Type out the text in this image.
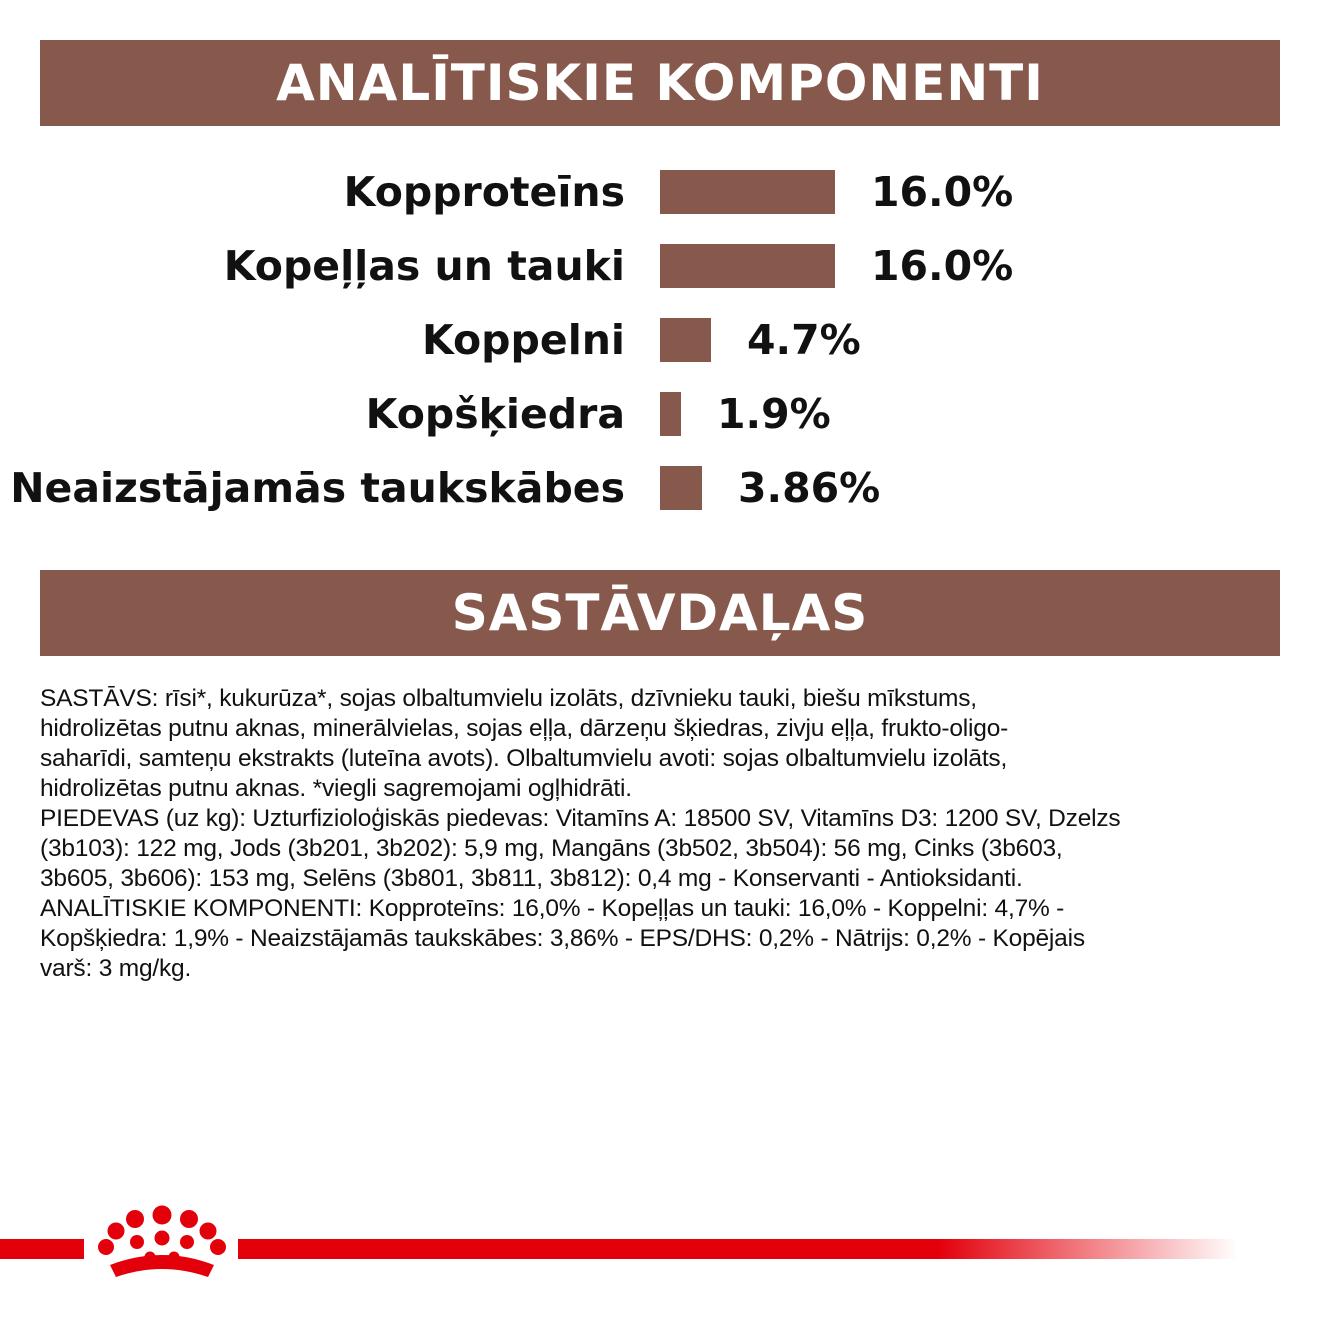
ANALĪTISKIE KOMPONENTI
Kopproteīns	16.0%
Kopeļļas un tauki	16.0%
Koppelni	4.7%
Kopšķiedra 1.9%
Neaizstājamās taukskābes	3.86%
SASTĀVDAĻAS

SASTĀVS: rīsi*, kukurūza*, sojas olbaltumvielu izolāts, dzīvnieku tauki, biešu mīkstums,

hidrolizētas putnu aknas, minerālvielas, sojas eļļa, dārzeņu šķiedras, zivju eļļa, frukto-oligo-

saharīdi, samteņu ekstrakts (luteīna avots). Olbaltumvielu avoti: sojas olbaltumvielu izolāts,

hidrolizētas putnu aknas. *viegli sagremojami ogļhidrāti.

PIEDEVAS (uz kg): Uzturfizioloģiskās piedevas: Vitamīns A: 18500 SV, Vitamīns D3: 1200 SV, Dzelzs

(3b103): 122 mg, Jods (3b201, 3b202): 5,9 mg, Mangāns (3b502, 3b504): 56 mg, Cinks (3b603,

3b605, 3b606): 153 mg, Selēns (3b801, 3b811, 3b812): 0,4 mg - Konservanti - Antioksidanti.

ANALĪTISKIE KOMPONENTI: Kopproteīns: 16,0% - Kopeļļas un tauki: 16,0% - Koppelni: 4,7% -

Kopšķiedra: 1,9% - Neaizstājamās taukskābes: 3,86% - EPS/DHS: 0,2% - Nātrijs: 0,2% - Kopējais

varš: 3 mg/kg.
